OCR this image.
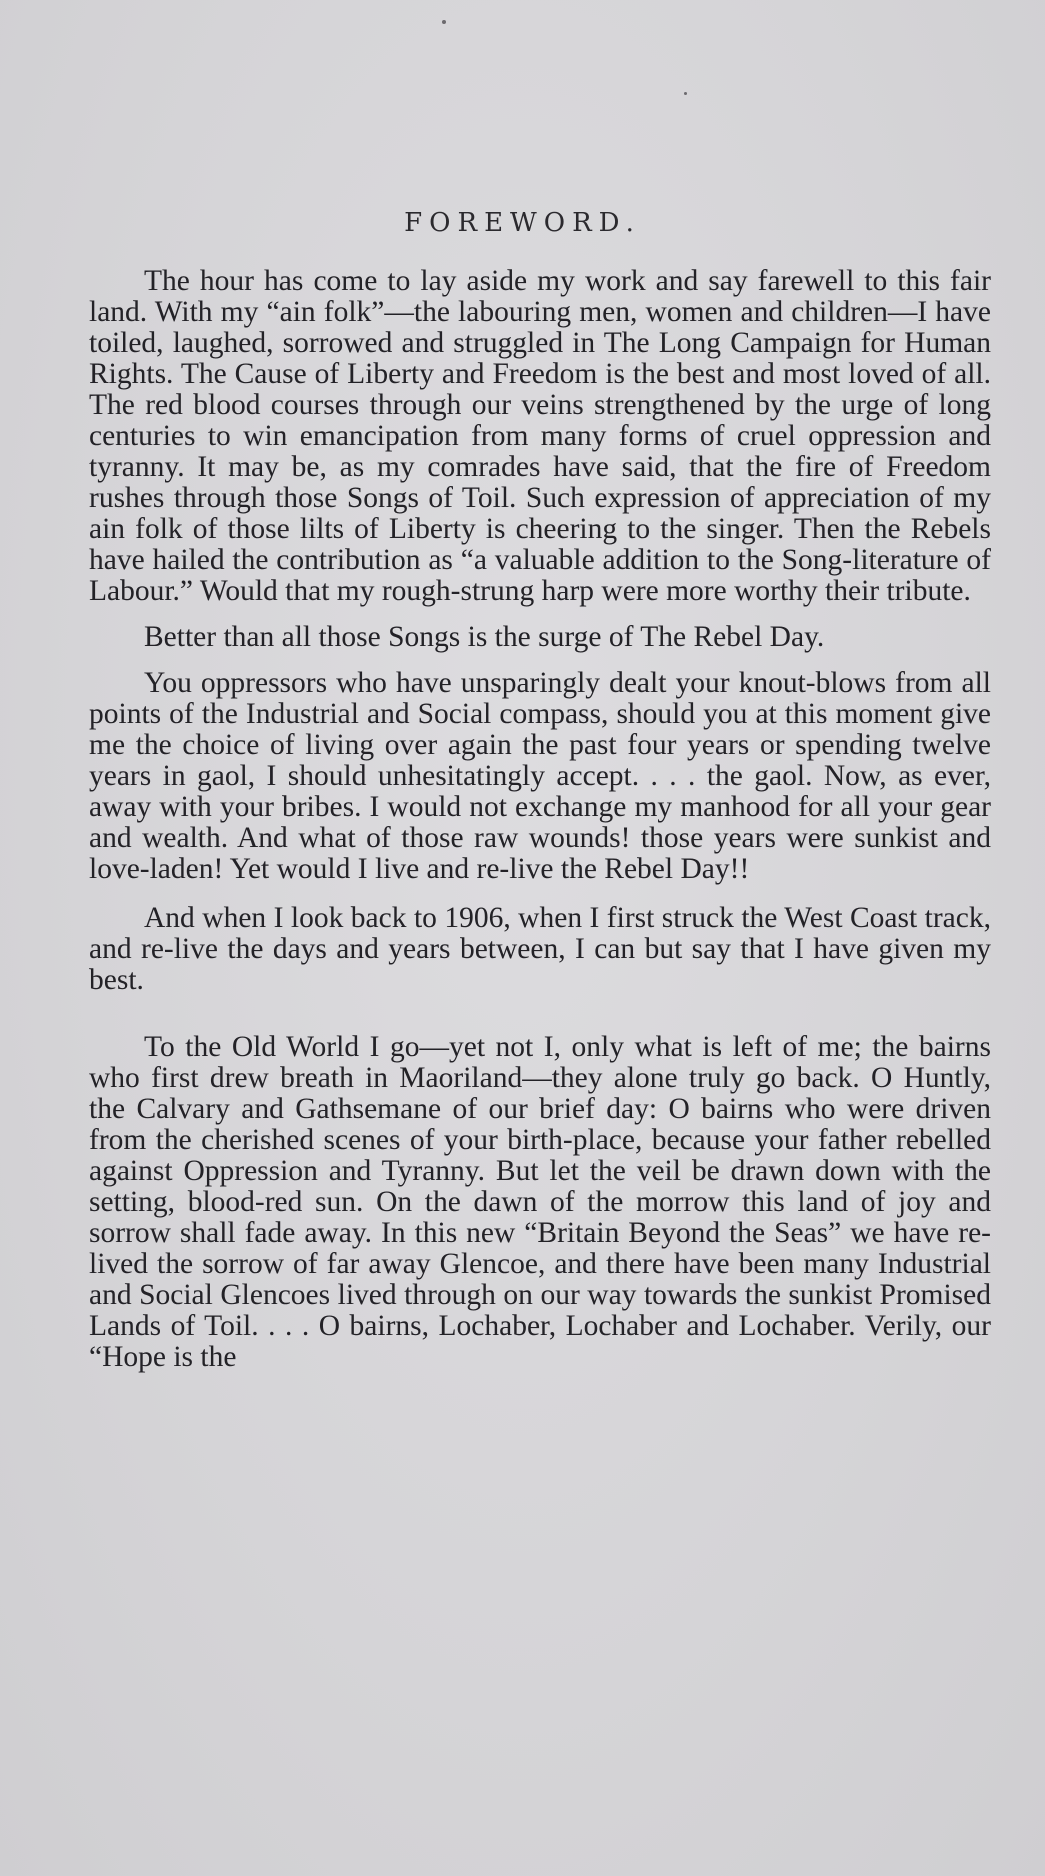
FOREWORD.

The hour has come to lay aside my work and say farewell to this fair land. With my “ain folk”—the labouring men, women and children—I have toiled, laughed, sorrowed and struggled in The Long Campaign for Human Rights. The Cause of Liberty and Freedom is the best and most loved of all. The red blood courses through our veins strengthened by the urge of long centuries to win emancipation from many forms of cruel oppression and tyranny. It may be, as my comrades have said, that the fire of Freedom rushes through those Songs of Toil. Such expression of appreciation of my ain folk of those lilts of Liberty is cheering to the singer. Then the Rebels have hailed the contribution as “a valuable addition to the Song-literature of Labour.” Would that my rough-strung harp were more worthy their tribute.

Better than all those Songs is the surge of The Rebel Day.

You oppressors who have unsparingly dealt your knout-blows from all points of the Industrial and Social compass, should you at this moment give me the choice of living over again the past four years or spending twelve years in gaol, I should unhesitatingly accept. . . . the gaol. Now, as ever, away with your bribes. I would not exchange my manhood for all your gear and wealth. And what of those raw wounds! those years were sunkist and love-laden! Yet would I live and re-live the Rebel Day!!

And when I look back to 1906, when I first struck the West Coast track, and re-live the days and years between, I can but say that I have given my best.

To the Old World I go—yet not I, only what is left of me; the bairns who first drew breath in Maoriland—they alone truly go back. O Huntly, the Calvary and Gathsemane of our brief day: O bairns who were driven from the cherished scenes of your birth-place, because your father rebelled against Oppression and Tyranny. But let the veil be drawn down with the setting, blood-red sun. On the dawn of the morrow this land of joy and sorrow shall fade away. In this new “Britain Beyond the Seas” we have re-lived the sorrow of far away Glencoe, and there have been many Industrial and Social Glencoes lived through on our way towards the sunkist Promised Lands of Toil. . . . O bairns, Lochaber, Lochaber and Lochaber. Verily, our “Hope is the
